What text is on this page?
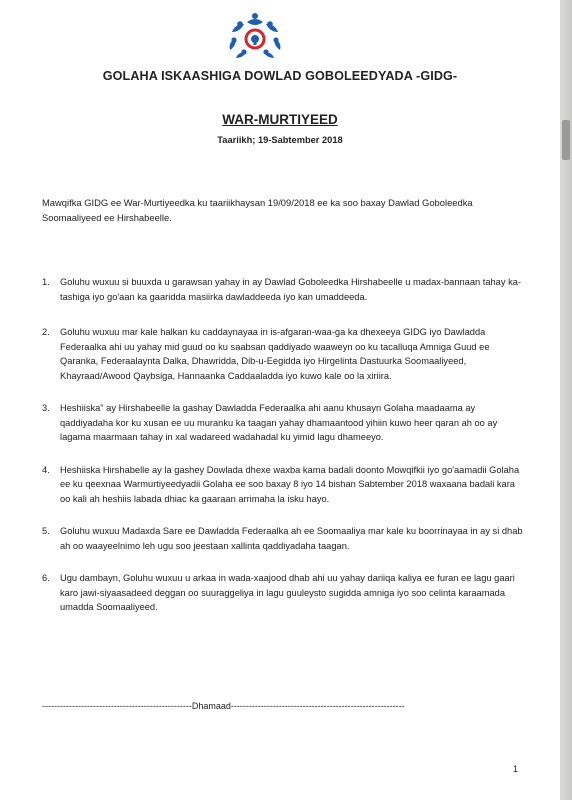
GOLAHA ISKAASHIGA DOWLAD GOBOLEEDYADA -GIDG-
WAR-MURTIYEED
Taariikh; 19-Sabtember 2018
Mawqifka GIDG ee War-Murtiyeedka ku taariikhaysan 19/09/2018 ee ka soo baxay Dawlad Goboleedka Soomaaliyeed ee Hirshabeelle.
1. Goluhu wuxuu si buuxda u garawsan yahay in ay Dawlad Goboleedka Hirshabeelle u madax-bannaan tahay ka-tashiga iyo go'aan ka gaaridda masiirka dawladdeeda iyo kan umaddeeda.
2. Goluhu wuxuu mar kale halkan ku caddaynayaa in is-afgaran-waa-ga ka dhexeeya GIDG iyo Dawladda Federaalka ahi uu yahay mid guud oo ku saabsan qaddiyado waaweyn oo ku tacalluqa Amniga Guud ee Qaranka, Federaalaynta Dalka, Dhawridda, Dib-u-Eegidda iyo Hirgelinta Dastuurka Soomaaliyeed, Khayraad/Awood Qaybsiga, Hannaanka Caddaaladda iyo kuwo kale oo la xiriira.
3. Heshiiska" ay Hirshabeelle la gashay Dawladda Federaalka ahi aanu khusayn Golaha maadaama ay qaddiyadaha kor ku xusan ee uu muranku ka taagan yahay dhamaantood yihiin kuwo heer qaran ah oo ay lagama maarmaan tahay in xal wadareed wadahadal ku yimid lagu dhameeyo.
4. Heshiiska Hirshabelle ay la gashey Dowlada dhexe waxba kama badali doonto Mowqifkii iyo go'aamadii Golaha ee ku qeexnaa Warmurtiyeedyadii Golaha ee soo baxay 8 iyo 14 bishan Sabtember 2018 waxaana badali kara oo kali ah heshiis labada dhiac ka gaaraan arrimaha la isku hayo.
5. Goluhu wuxuu Madaxda Sare ee Dawladda Federaalka ah ee Soomaaliya mar kale ku boorrinayaa in ay si dhab ah oo waayeelnimo leh ugu soo jeestaan xallinta qaddiyadaha taagan.
6. Ugu dambayn, Goluhu wuxuu u arkaa in wada-xaajood dhab ahi uu yahay dariiqa kaliya ee furan ee lagu gaari karo jawi-siyaasadeed deggan oo suuraggeliya in lagu guuleysto sugidda amniga iyo soo celinta karaamada umadda Soomaaliyeed.
--------------------------------------------------Dhamaad----------------------------------------------------------
1
